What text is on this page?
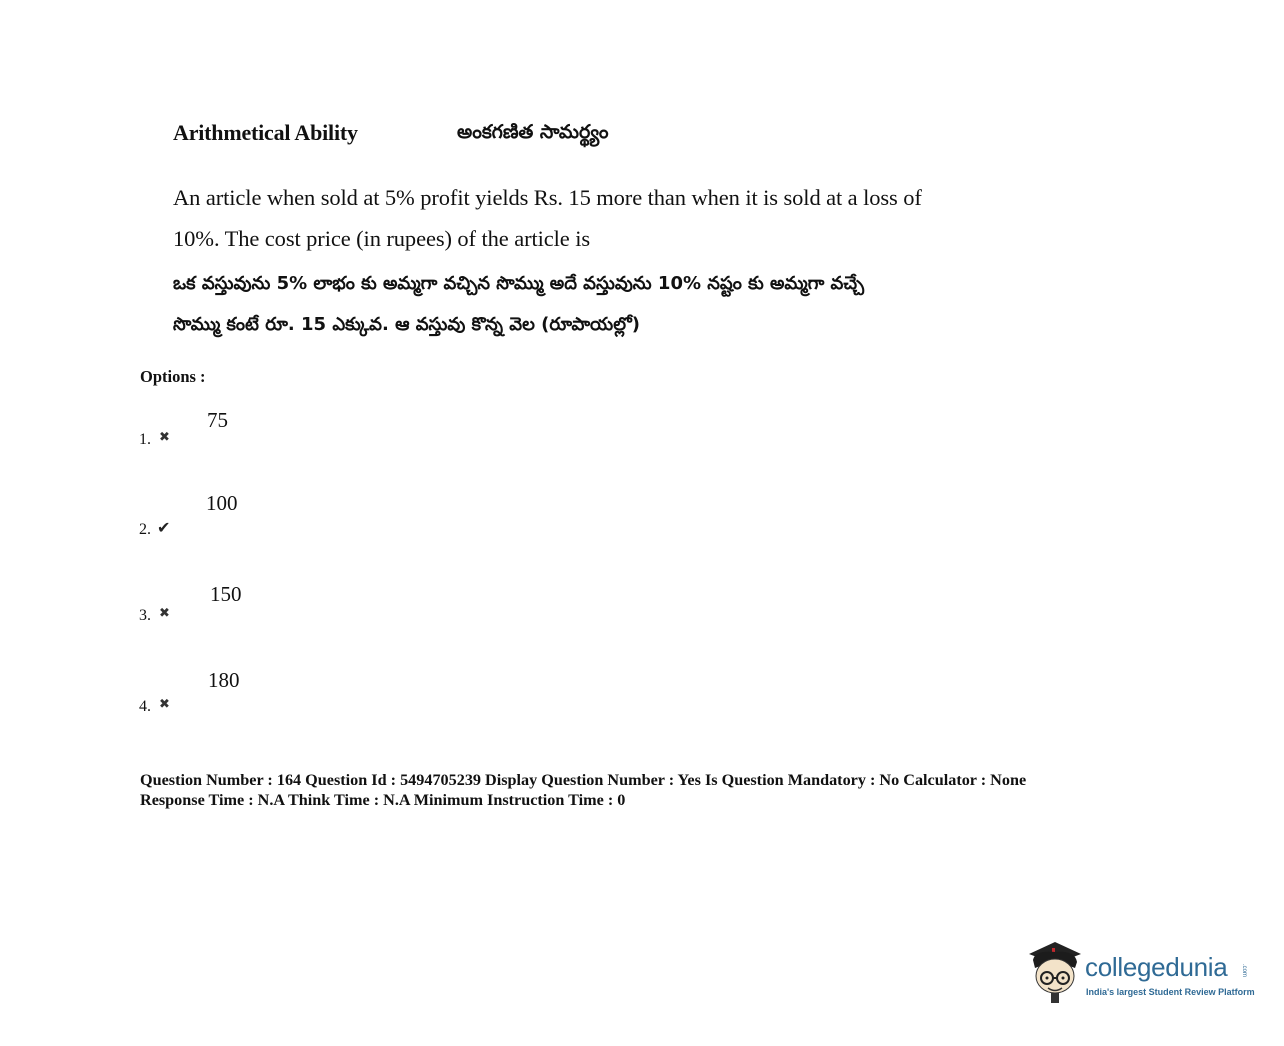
Arithmetical Ability	అంకగణిత సామర్థ్యం
An article when sold at 5% profit yields Rs. 15 more than when it is sold at a loss of
10%. The cost price (in rupees) of the article is
ఒక వస్తువును 5% లాభం కు అమ్మగా వచ్చిన సొమ్ము అదే వస్తువును 10% నష్టం కు అమ్మగా వచ్చే
సొమ్ము కంటే రూ. 15 ఎక్కువ. ఆ వస్తువు కొన్న వెల (రూపాయల్లో)
Options :
1. ✖
75
2. ✔
100
3. ✖
150
4. ✖
180
Question Number : 164 Question Id : 5494705239 Display Question Number : Yes Is Question Mandatory : No Calculator : None
Response Time : N.A Think Time : N.A Minimum Instruction Time : 0
collegedunia .com
India's largest Student Review Platform
